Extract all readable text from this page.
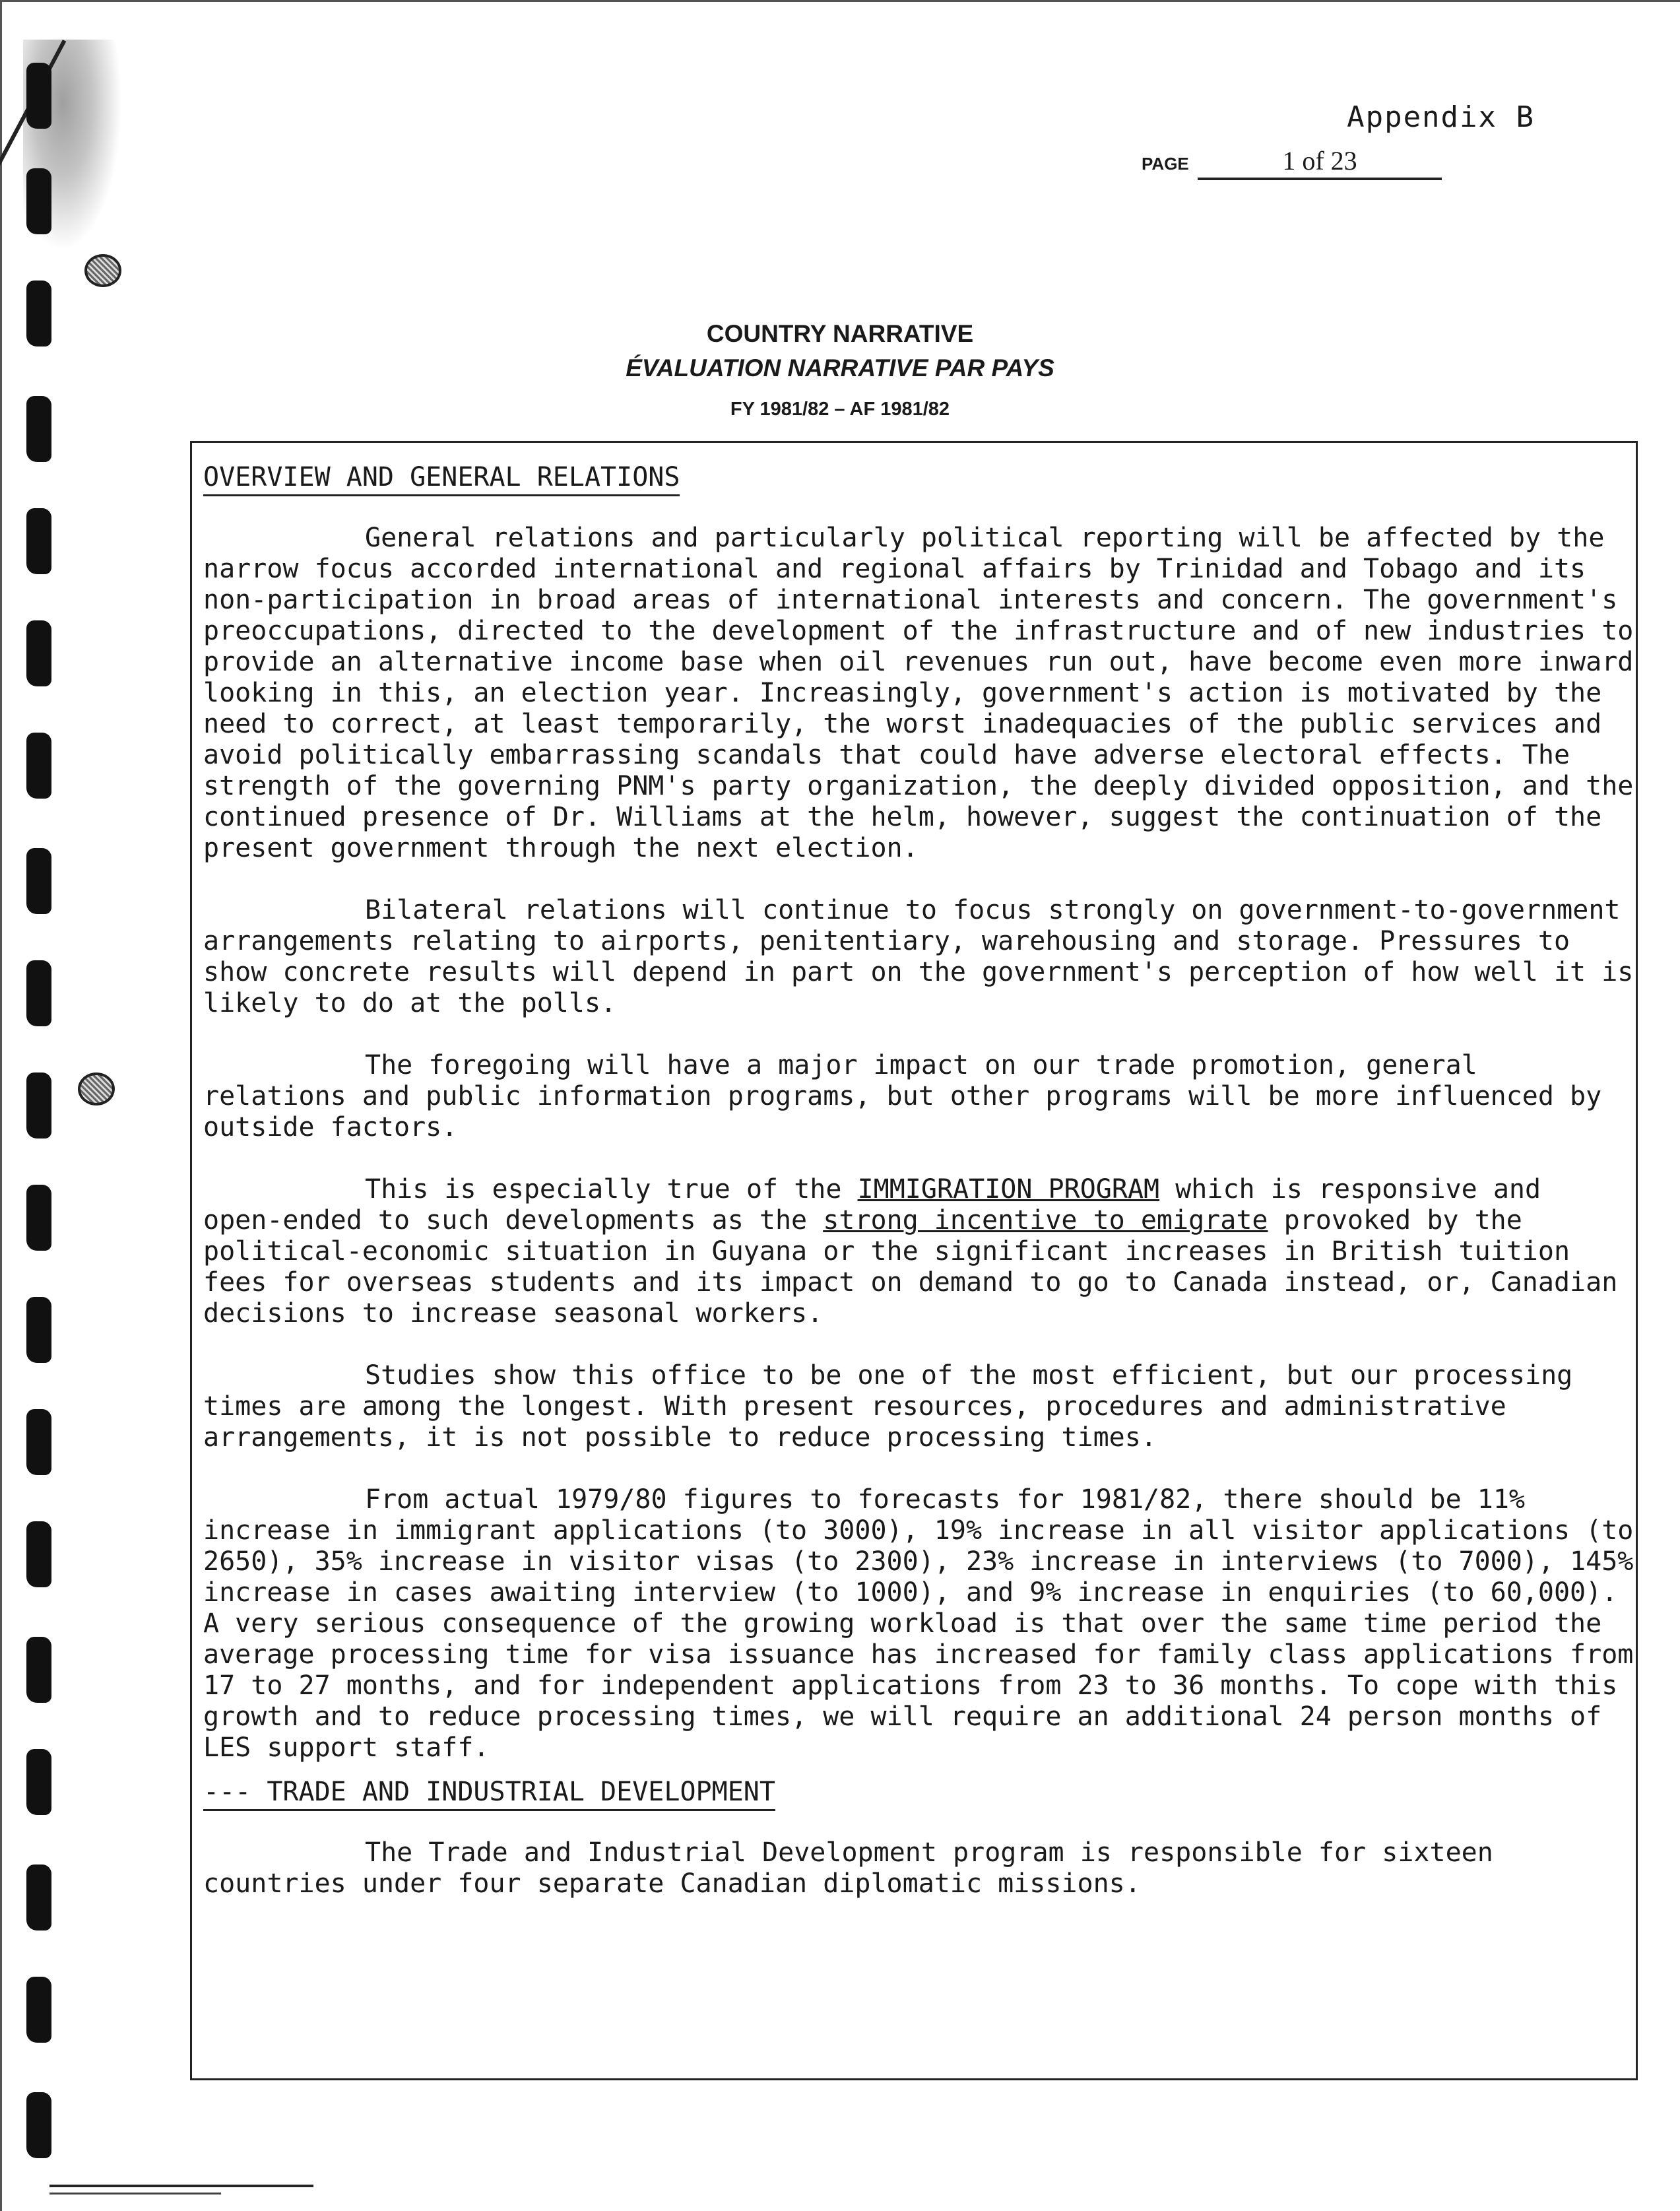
Appendix B
PAGE	1 of 23
COUNTRY NARRATIVE
ÉVALUATION NARRATIVE PAR PAYS
FY 1981/82 – AF 1981/82
OVERVIEW AND GENERAL RELATIONS

General relations and particularly political reporting will be affected by the narrow focus accorded international and regional affairs by Trinidad and Tobago and its non-participation in broad areas of international interests and concern. The government's preoccupations, directed to the development of the infrastructure and of new industries to provide an alternative income base when oil revenues run out, have become even more inward looking in this, an election year. Increasingly, government's action is motivated by the need to correct, at least temporarily, the worst inadequacies of the public services and avoid politically embarrassing scandals that could have adverse electoral effects. The strength of the governing PNM's party organization, the deeply divided opposition, and the continued presence of Dr. Williams at the helm, however, suggest the continuation of the present government through the next election.

Bilateral relations will continue to focus strongly on government-to-government arrangements relating to airports, penitentiary, warehousing and storage. Pressures to show concrete results will depend in part on the government's perception of how well it is likely to do at the polls.

The foregoing will have a major impact on our trade promotion, general relations and public information programs, but other programs will be more influenced by outside factors.

This is especially true of the IMMIGRATION PROGRAM which is responsive and open-ended to such developments as the strong incentive to emigrate provoked by the political-economic situation in Guyana or the significant increases in British tuition fees for overseas students and its impact on demand to go to Canada instead, or, Canadian decisions to increase seasonal workers.

Studies show this office to be one of the most efficient, but our processing times are among the longest. With present resources, procedures and administrative arrangements, it is not possible to reduce processing times.

From actual 1979/80 figures to forecasts for 1981/82, there should be 11% increase in immigrant applications (to 3000), 19% increase in all visitor applications (to 2650), 35% increase in visitor visas (to 2300), 23% increase in interviews (to 7000), 145% increase in cases awaiting interview (to 1000), and 9% increase in enquiries (to 60,000). A very serious consequence of the growing workload is that over the same time period the average processing time for visa issuance has increased for family class applications from 17 to 27 months, and for independent applications from 23 to 36 months. To cope with this growth and to reduce processing times, we will require an additional 24 person months of LES support staff.

--- TRADE AND INDUSTRIAL DEVELOPMENT

The Trade and Industrial Development program is responsible for sixteen countries under four separate Canadian diplomatic missions.
